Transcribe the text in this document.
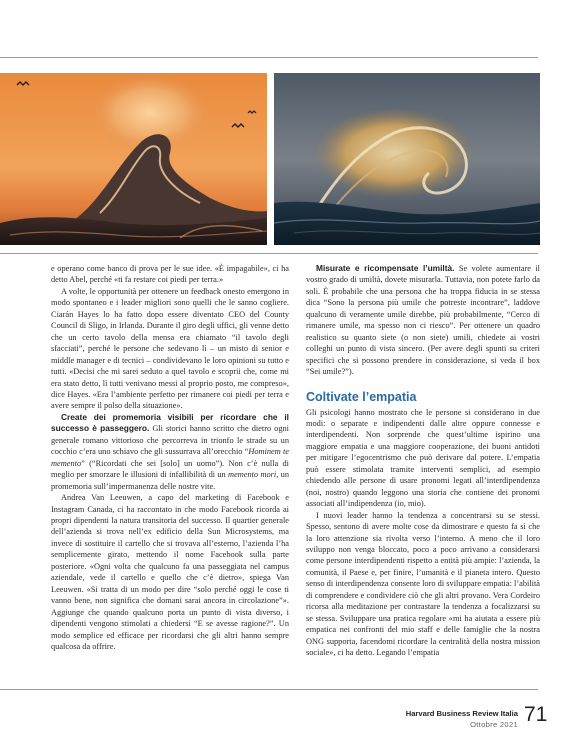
e operano come banco di prova per le sue idee. «È impagabile», ci ha detto Abel, perché «ti fa restare coi piedi per terra.»

A volte, le opportunità per ottenere un feedback onesto emergono in modo spontaneo e i leader migliori sono quelli che le sanno cogliere. Ciarán Hayes lo ha fatto dopo essere diventato CEO del County Council di Sligo, in Irlanda. Durante il giro degli uffici, gli venne detto che un certo tavolo della mensa era chiamato “il tavolo degli sfacciati”, perché le persone che sedevano lì – un misto di senior e middle manager e di tecnici – condividevano le loro opinioni su tutto e tutti. «Decisi che mi sarei seduto a quel tavolo e scoprii che, come mi era stato detto, lì tutti venivano messi al proprio posto, me compreso», dice Hayes. «Era l’ambiente perfetto per rimanere coi piedi per terra e avere sempre il polso della situazione».

Create dei promemoria visibili per ricordare che il successo è passeggero. Gli storici hanno scritto che dietro ogni generale romano vittorioso che percorreva in trionfo le strade su un cocchio c’era uno schiavo che gli sussurrava all’orecchio “Hominem te memento” (“Ricordati che sei [solo] un uomo”). Non c’è nulla di meglio per smorzare le illusioni di infallibilità di un memento mori, un promemoria sull’impermanenza delle nostre vite.

Andrea Van Leeuwen, a capo del marketing di Facebook e Instagram Canada, ci ha raccontato in che modo Facebook ricorda ai propri dipendenti la natura transitoria del successo. Il quartier generale dell’azienda si trova nell’ex edificio della Sun Microsystems, ma invece di sostituire il cartello che si trovava all’esterno, l’azienda l’ha semplicemente girato, mettendo il nome Facebook sulla parte posteriore. «Ogni volta che qualcuno fa una passeggiata nel campus aziendale, vede il cartello e quello che c’è dietro», spiega Van Leeuwen. «Si tratta di un modo per dire “solo perché oggi le cose ti vanno bene, non significa che domani sarai ancora in circolazione”». Aggiunge che quando qualcuno porta un punto di vista diverso, i dipendenti vengono stimolati a chiedersi “E se avesse ragione?”. Un modo semplice ed efficace per ricordarsi che gli altri hanno sempre qualcosa da offrire.

Misurate e ricompensate l’umiltà. Se volete aumentare il vostro grado di umiltà, dovete misurarla. Tuttavia, non potete farlo da soli. È probabile che una persona che ha troppa fiducia in se stessa dica “Sono la persona più umile che potreste incontrare”, laddove qualcuno di veramente umile direbbe, più probabilmente, “Cerco di rimanere umile, ma spesso non ci riesco”. Per ottenere un quadro realistico su quanto siete (o non siete) umili, chiedete ai vostri colleghi un punto di vista sincero. (Per avere degli spunti su criteri specifici che si possono prendere in considerazione, si veda il box “Sei umile?”).

Coltivate l’empatia

Gli psicologi hanno mostrato che le persone si considerano in due modi: o separate e indipendenti dalle altre oppure connesse e interdipendenti. Non sorprende che quest’ultime ispirino una maggiore empatia e una maggiore cooperazione, dei buoni antidoti per mitigare l’egocentrismo che può derivare dal potere. L’empatia può essere stimolata tramite interventi semplici, ad esempio chiedendo alle persone di usare pronomi legati all’interdipendenza (noi, nostro) quando leggono una storia che contiene dei pronomi associati all’indipendenza (io, mio).

I nuovi leader hanno la tendenza a concentrarsi su se stessi. Spesso, sentono di avere molte cose da dimostrare e questo fa sì che la loro attenzione sia rivolta verso l’interno. A meno che il loro sviluppo non venga bloccato, poco a poco arrivano a considerarsi come persone interdipendenti rispetto a entità più ampie: l’azienda, la comunità, il Paese e, per finire, l’umanità e il pianeta intero. Questo senso di interdipendenza consente loro di sviluppare empatia: l’abilità di comprendere e condividere ciò che gli altri provano. Vera Cordeiro ricorsa alla meditazione per contrastare la tendenza a focalizzarsi su se stessa. Sviluppare una pratica regolare «mi ha aiutata a essere più empatica nei confronti del mio staff e delle famiglie che la nostra ONG supporta, facendomi ricordare la centralità della nostra mission sociale», ci ha detto. Legando l’empatia

Harvard Business Review Italia
Ottobre 2021 71
